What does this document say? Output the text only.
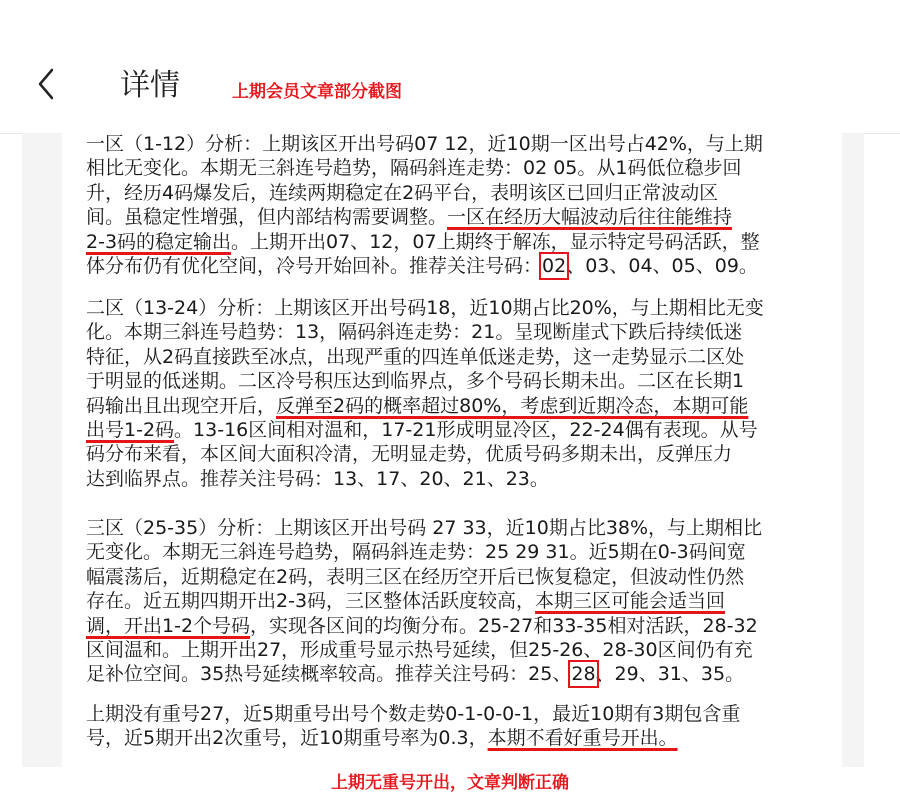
详情	上期会员文章部分截图
一区（1-12）分析：上期该区开出号码07 12，近10期一区出号占42%，与上期
相比无变化。本期无三斜连号趋势，隔码斜连走势：02 05。从1码低位稳步回
升，经历4码爆发后，连续两期稳定在2码平台，表明该区已回归正常波动区
间。虽稳定性增强，但内部结构需要调整。一区在经历大幅波动后往往能维持
2-3码的稳定输出。上期开出07、12，07上期终于解冻，显示特定号码活跃，整
体分布仍有优化空间，冷号开始回补。推荐关注号码：02、03、04、05、09。
二区（13-24）分析：上期该区开出号码18，近10期占比20%，与上期相比无变
化。本期三斜连号趋势：13，隔码斜连走势：21。呈现断崖式下跌后持续低迷
特征，从2码直接跌至冰点，出现严重的四连单低迷走势，这一走势显示二区处
于明显的低迷期。二区冷号积压达到临界点，多个号码长期未出。二区在长期1
码输出且出现空开后，反弹至2码的概率超过80%，考虑到近期冷态，本期可能
出号1-2码。13-16区间相对温和，17-21形成明显冷区，22-24偶有表现。从号
码分布来看，本区间大面积冷清，无明显走势，优质号码多期未出，反弹压力
达到临界点。推荐关注号码：13、17、20、21、23。
三区（25-35）分析：上期该区开出号码 27 33，近10期占比38%，与上期相比
无变化。本期无三斜连号趋势，隔码斜连走势：25 29 31。近5期在0-3码间宽
幅震荡后，近期稳定在2码，表明三区在经历空开后已恢复稳定，但波动性仍然
存在。近五期四期开出2-3码，三区整体活跃度较高，本期三区可能会适当回
调，开出1-2个号码，实现各区间的均衡分布。25-27和33-35相对活跃，28-32
区间温和。上期开出27，形成重号显示热号延续，但25-26、28-30区间仍有充
足补位空间。35热号延续概率较高。推荐关注号码：25、28、29、31、35。
上期没有重号27，近5期重号出号个数走势0-1-0-0-1，最近10期有3期包含重
号，近5期开出2次重号，近10期重号率为0.3，本期不看好重号开出。
上期无重号开出，文章判断正确
